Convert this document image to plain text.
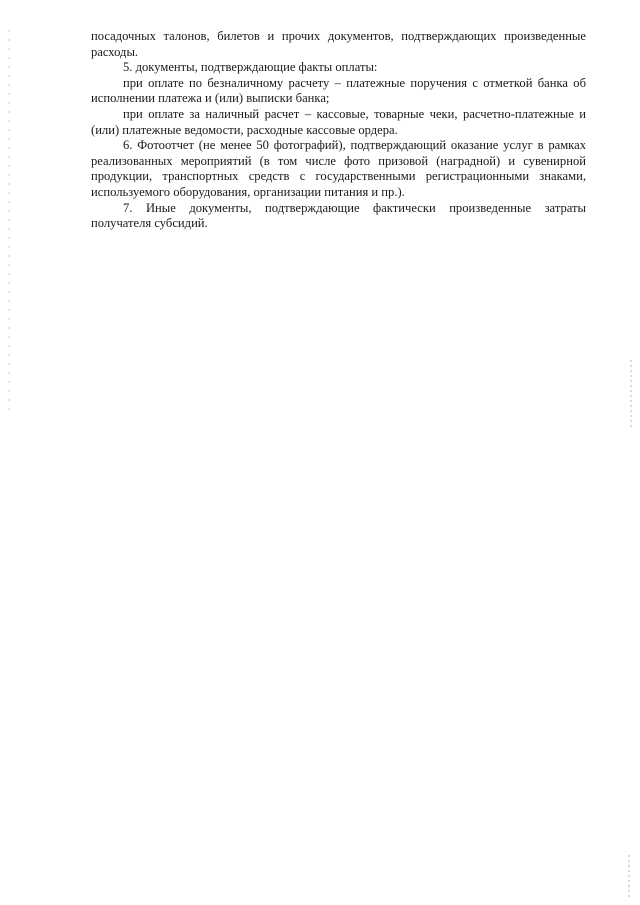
посадочных талонов, билетов и прочих документов, подтверждающих произведенные расходы.

5. документы, подтверждающие факты оплаты:

при оплате по безналичному расчету – платежные поручения с отметкой банка об исполнении платежа и (или) выписки банка;

при оплате за наличный расчет – кассовые, товарные чеки, расчетно-платежные и (или) платежные ведомости, расходные кассовые ордера.

6. Фотоотчет (не менее 50 фотографий), подтверждающий оказание услуг в рамках реализованных мероприятий (в том числе фото призовой (наградной) и сувенирной продукции, транспортных средств с государственными регистрационными знаками, используемого оборудования, организации питания и пр.).

7. Иные документы, подтверждающие фактически произведенные затраты получателя субсидий.
